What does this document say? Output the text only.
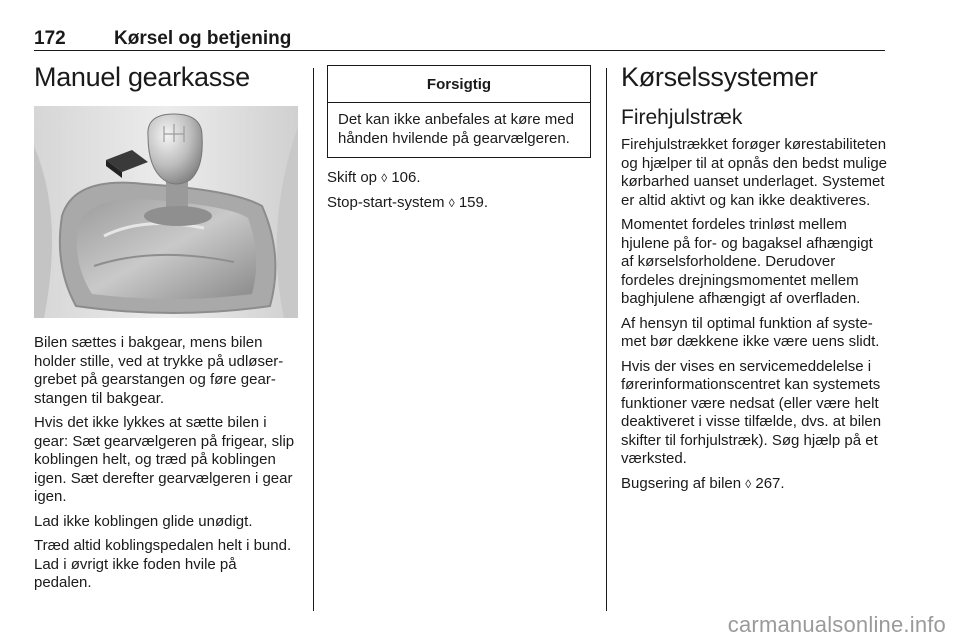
172	Kørsel og betjening
Manuel gearkasse

Bilen sættes i bakgear, mens bilen holder stille, ved at trykke på udløsergrebet på gearstangen og føre gearstangen til bakgear.

Hvis det ikke lykkes at sætte bilen i gear: Sæt gearvælgeren på frigear, slip koblingen helt, og træd på koblingen igen. Sæt derefter gearvælgeren i gear igen.

Lad ikke koblingen glide unødigt.

Træd altid koblingspedalen helt i bund. Lad i øvrigt ikke foden hvile på pedalen.

Forsigtig

Det kan ikke anbefales at køre med hånden hvilende på gearvælgeren.

Skift op ◊ 106.

Stop-start-system ◊ 159.

Kørselssystemer
Firehjulstræk

Firehjulstrækket forøger kørestabiliteten og hjælper til at opnås den bedst mulige kørbarhed uanset underlaget. Systemet er altid aktivt og kan ikke deaktiveres.

Momentet fordeles trinløst mellem hjulene på for- og bagaksel afhængigt af kørselsforholdene. Derudover fordeles drejningsmomentet mellem baghjulene afhængigt af overfladen.

Af hensyn til optimal funktion af systemet bør dækkene ikke være uens slidt.

Hvis der vises en servicemeddelelse i førerinformationscentret kan systemets funktioner være nedsat (eller være helt deaktiveret i visse tilfælde, dvs. at bilen skifter til forhjulstræk). Søg hjælp på et værksted.

Bugsering af bilen ◊ 267.

carmanualsonline.info
